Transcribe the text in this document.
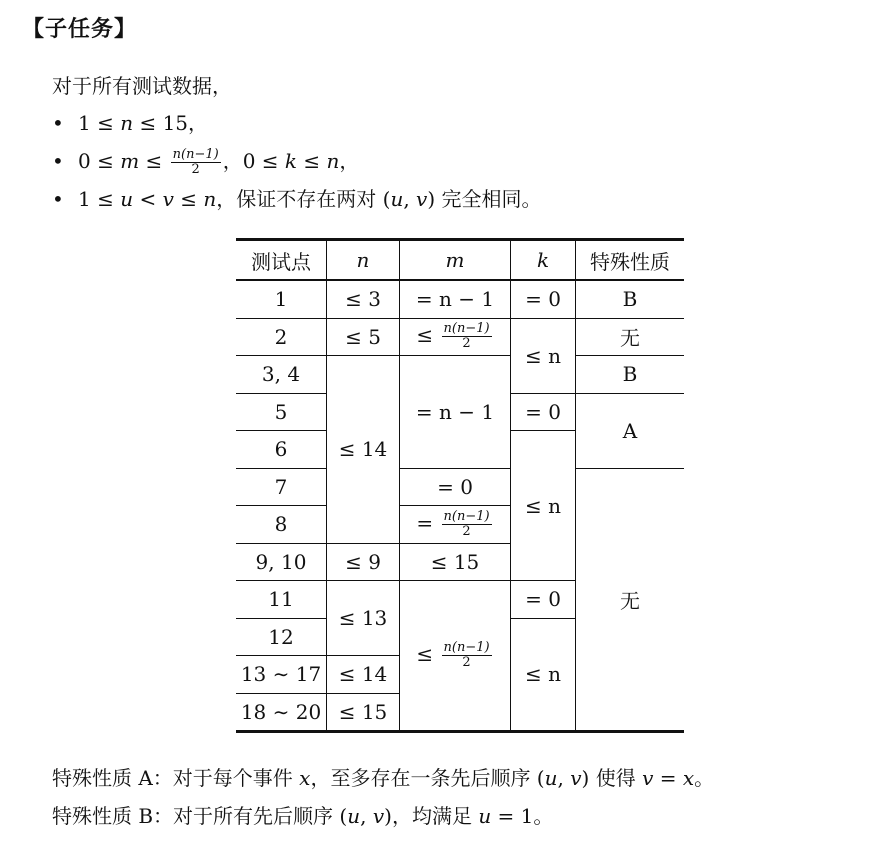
【子任务】
对于所有测试数据，
• 1 ≤ n ≤ 15，
• $0 \le m \le \frac{n(n-1)}{2}$ ，0 ≤ k ≤ n，
• 1 ≤ u < v ≤ n，保证不存在两对 (u, v) 完全相同。
测试点	n	m	k	特殊性质
1	≤ 3	= n − 1	= 0	B
2	≤ 5	≤ $\frac{n(n-1)}{2}$	≤ n	无
3, 4	≤ 14	= n − 1		B
5			= 0	A
6			≤ n	
7		= 0		无
8		= $\frac{n(n-1)}{2}$

9, 10	≤ 9	≤ 15		
11	≤ 13	≤ $\frac{n(n-1)}{2}$	= 0	
12			≤ n	
13 ∼ 17	≤ 14			
18 ∼ 20	≤ 15			
特殊性质 A：对于每个事件 x，至多存在一条先后顺序 (u, v) 使得 v = x。
特殊性质 B：对于所有先后顺序 (u, v)，均满足 u = 1。
